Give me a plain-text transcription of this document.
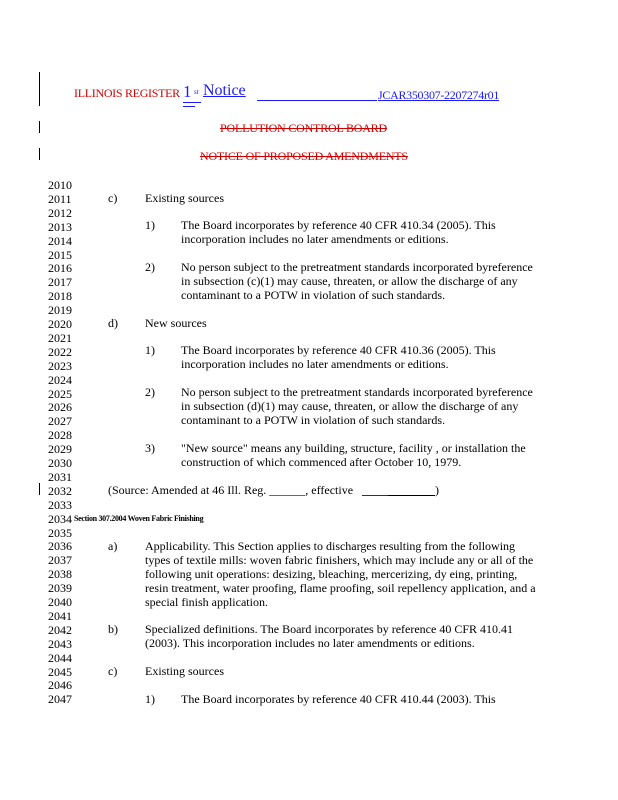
ILLINOIS REGISTER 1 st Notice	JCAR350307-2207274r01
POLLUTION CONTROL BOARD
NOTICE OF PROPOSED AMENDMENTS
2010
2011
2012
2013
2014
2015
2016
2017
2018
2019
2020
2021
2022
2023
2024
2025
2026
2027
2028
2029
2030
2031
2032
2033
2034
2035
2036
2037
2038
2039
2040
2041
2042
2043
2044
2045
2046
2047
c) Existing sources
1) The Board incorporates by reference 40 CFR 410.34 (2005). This
incorporation includes no later amendments or editions.
2) No person subject to the pretreatment standards incorporated byreference
in subsection (c)(1) may cause, threaten, or allow the discharge of any
contaminant to a POTW in violation of such standards.
d) New sources
1) The Board incorporates by reference 40 CFR 410.36 (2005). This
incorporation includes no later amendments or editions.
2) No person subject to the pretreatment standards incorporated byreference
in subsection (d)(1) may cause, threaten, or allow the discharge of any
contaminant to a POTW in violation of such standards.
3) "New source" means any building, structure, facility , or installation the
construction of which commenced after October 10, 1979.
(Source: Amended at 46 Ill. Reg. ______, effective	)
Section 307.2004 Woven Fabric Finishing
a) Applicability. This Section applies to discharges resulting from the following
types of textile mills: woven fabric finishers, which may include any or all of the
following unit operations: desizing, bleaching, mercerizing, dy eing, printing,
resin treatment, water proofing, flame proofing, soil repellency application, and a
special finish application.
b) Specialized definitions. The Board incorporates by reference 40 CFR 410.41
(2003). This incorporation includes no later amendments or editions.
c) Existing sources
1) The Board incorporates by reference 40 CFR 410.44 (2003). This
